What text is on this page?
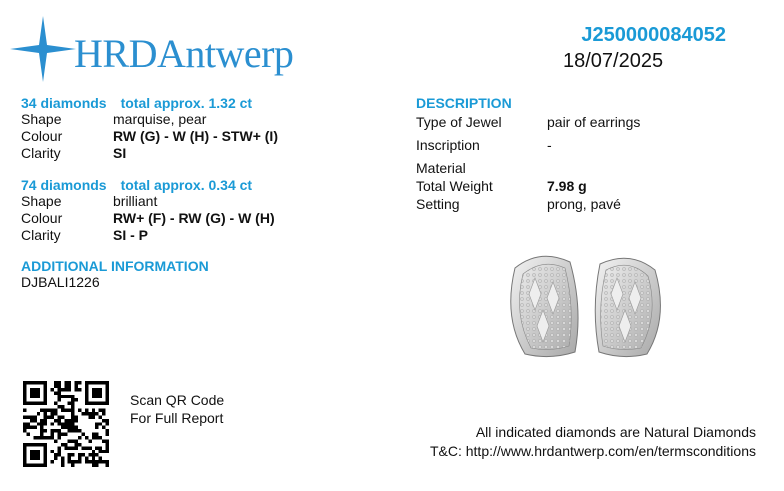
HRDAntwerp	J250000084052
18/07/2025
34 diamonds total approx. 1.32 ct
Shape	marquise, pear
Colour	RW (G) - W (H) - STW+ (I)
Clarity	SI
74 diamonds total approx. 0.34 ct
Shape	brilliant
Colour	RW+ (F) - RW (G) - W (H)
Clarity	SI - P
ADDITIONAL INFORMATION
DJBALI1226
DESCRIPTION
Type of Jewel	pair of earrings
Inscription	-
Material
Total Weight	7.98 g
Setting	prong, pavé
Scan QR Code
For Full Report
All indicated diamonds are Natural Diamonds
T&C: http://www.hrdantwerp.com/en/termsconditions
